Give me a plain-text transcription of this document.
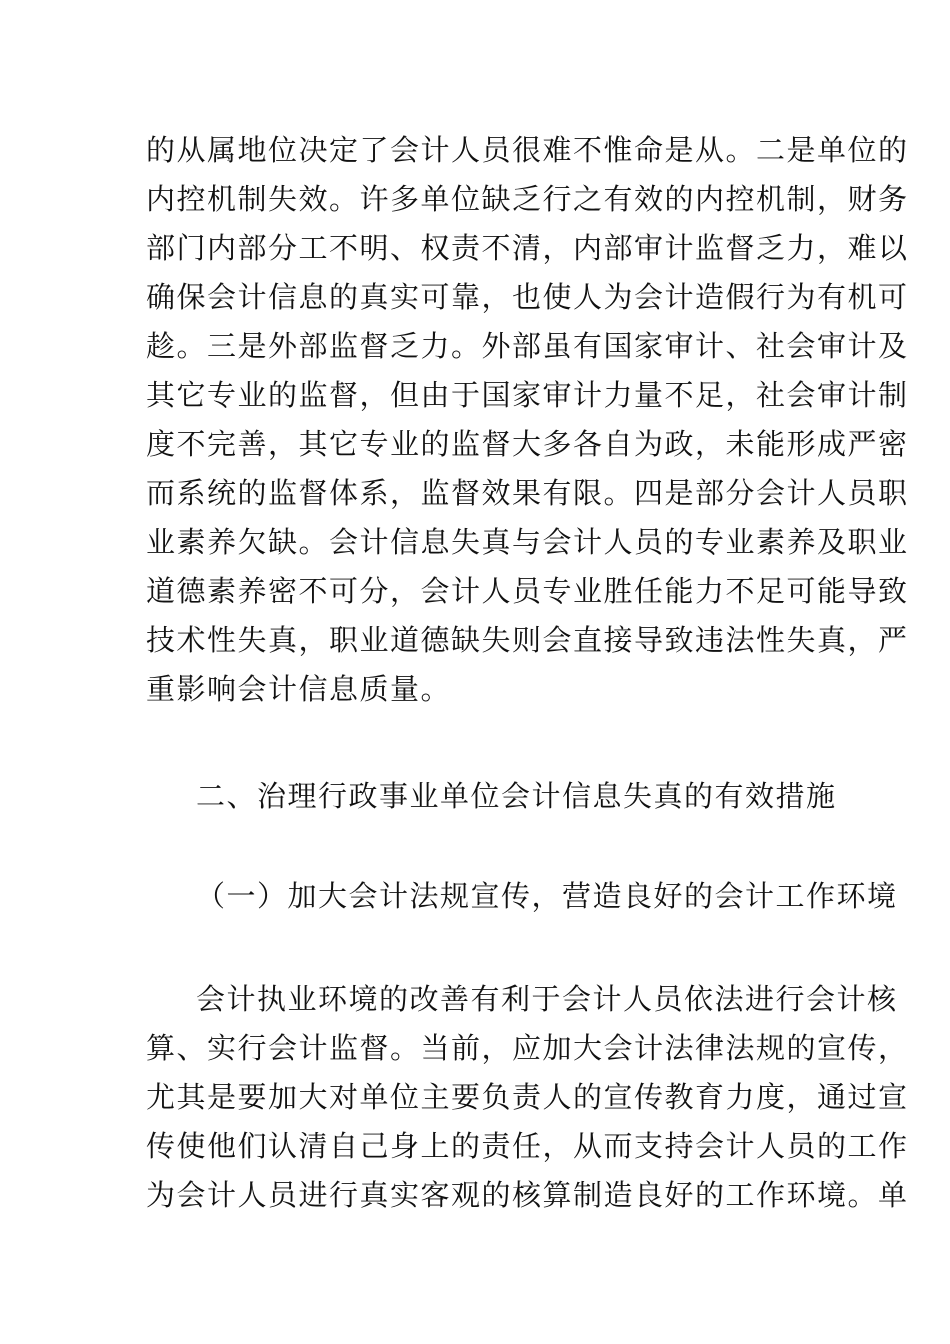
的从属地位决定了会计人员很难不惟命是从。二是单位的
内控机制失效。许多单位缺乏行之有效的内控机制，财务
部门内部分工不明、权责不清，内部审计监督乏力，难以
确保会计信息的真实可靠，也使人为会计造假行为有机可
趁。三是外部监督乏力。外部虽有国家审计、社会审计及
其它专业的监督，但由于国家审计力量不足，社会审计制
度不完善，其它专业的监督大多各自为政，未能形成严密
而系统的监督体系，监督效果有限。四是部分会计人员职
业素养欠缺。会计信息失真与会计人员的专业素养及职业
道德素养密不可分，会计人员专业胜任能力不足可能导致
技术性失真，职业道德缺失则会直接导致违法性失真，严
重影响会计信息质量。
二、治理行政事业单位会计信息失真的有效措施
（一）加大会计法规宣传，营造良好的会计工作环境
会计执业环境的改善有利于会计人员依法进行会计核
算、实行会计监督。当前，应加大会计法律法规的宣传，
尤其是要加大对单位主要负责人的宣传教育力度，通过宣
传使他们认清自己身上的责任，从而支持会计人员的工作
为会计人员进行真实客观的核算制造良好的工作环境。单
